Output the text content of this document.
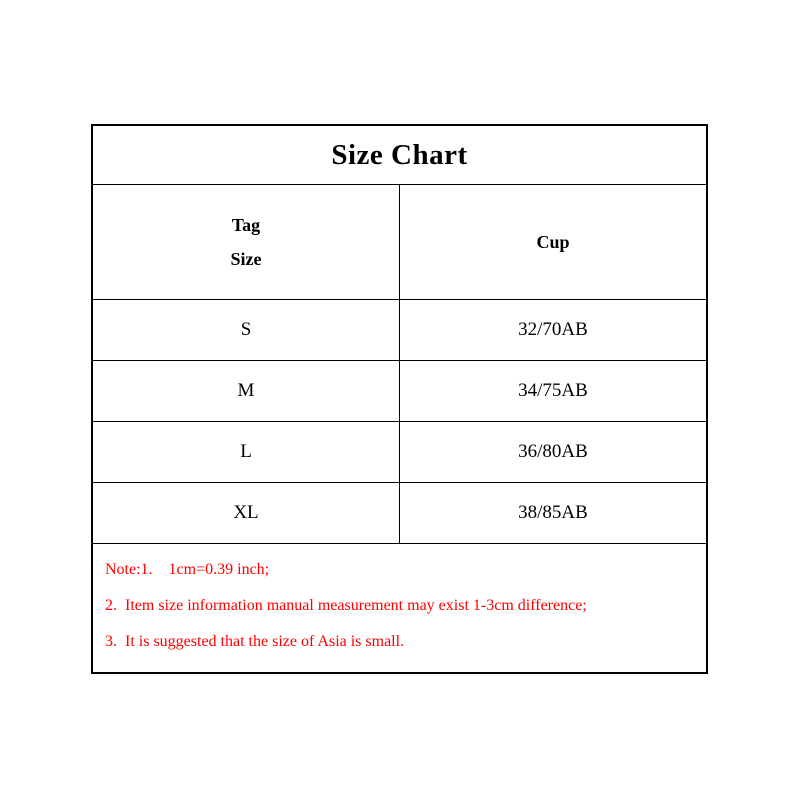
Size Chart	

Tag
Size	Cup
S	32/70AB
M	34/75AB
L	36/80AB
XL	38/85AB

Note:1.    1cm=0.39 inch;

2.  Item size information manual measurement may exist 1-3cm difference;

3.  It is suggested that the size of Asia is small.	
